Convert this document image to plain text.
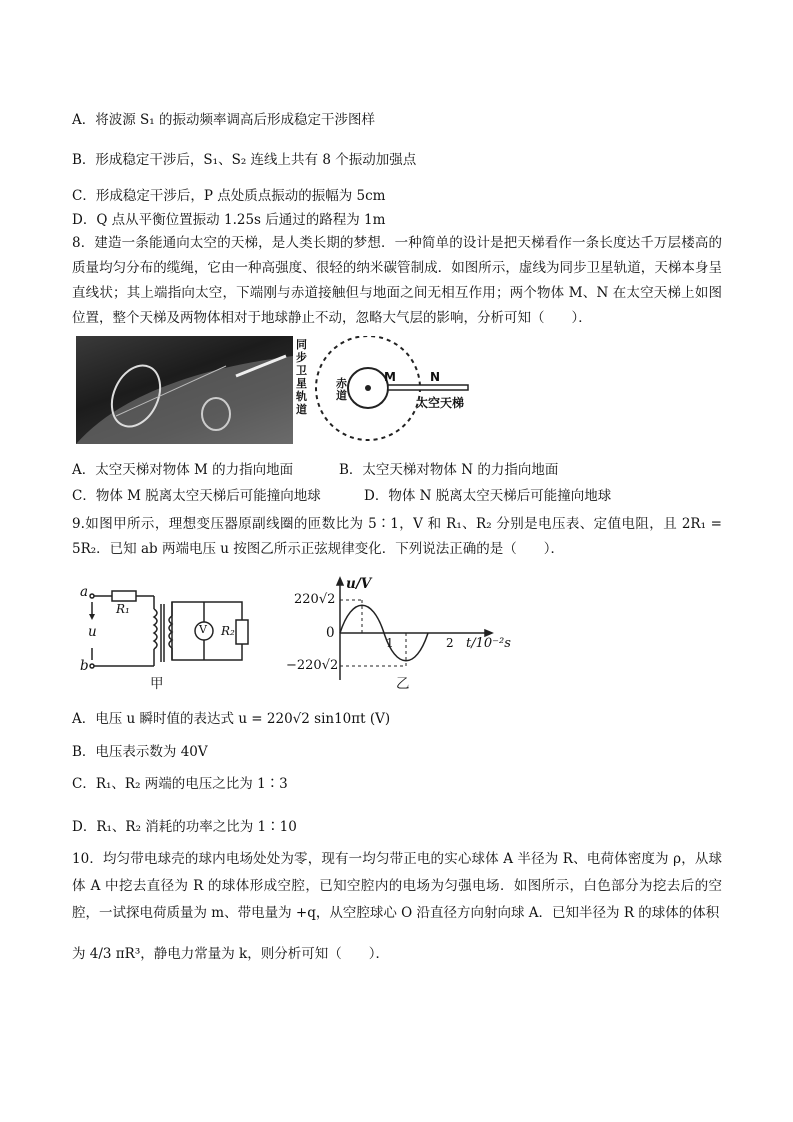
A．将波源 S₁ 的振动频率调高后形成稳定干涉图样
B．形成稳定干涉后，S₁、S₂ 连线上共有 8 个振动加强点
C．形成稳定干涉后，P 点处质点振动的振幅为 5cm
D．Q 点从平衡位置振动 1.25s 后通过的路程为 1m
8．建造一条能通向太空的天梯，是人类长期的梦想．一种简单的设计是把天梯看作一条长度达千万层楼高的质量均匀分布的缆绳，它由一种高强度、很轻的纳米碳管制成．如图所示，虚线为同步卫星轨道，天梯本身呈直线状；其上端指向太空，下端刚与赤道接触但与地面之间无相互作用；两个物体 M、N 在太空天梯上如图位置，整个天梯及两物体相对于地球静止不动，忽略大气层的影响，分析可知（　　）．
同步卫星轨道
赤道
M	N
太空天梯
A．太空天梯对物体 M 的力指向地面	B．太空天梯对物体 N 的力指向地面
C．物体 M 脱离太空天梯后可能撞向地球	D．物体 N 脱离太空天梯后可能撞向地球
9.如图甲所示，理想变压器原副线圈的匝数比为 5∶1，V 和 R₁、R₂ 分别是电压表、定值电阻，且 2R₁ = 5R₂．已知 ab 两端电压 u 按图乙所示正弦规律变化．下列说法正确的是（　　）．
a
b
u
R₁
V R₂
甲
u/V
220√2
0
−220√2
1	2 t/10⁻²s
乙
A．电压 u 瞬时值的表达式 u = 220√2 sin10πt (V)
B．电压表示数为 40V
C．R₁、R₂ 两端的电压之比为 1∶3
D．R₁、R₂ 消耗的功率之比为 1∶10
10．均匀带电球壳的球内电场处处为零，现有一均匀带正电的实心球体 A 半径为 R、电荷体密度为 ρ，从球体 A 中挖去直径为 R 的球体形成空腔，已知空腔内的电场为匀强电场．如图所示，白色部分为挖去后的空腔，一试探电荷质量为 m、带电量为 +q，从空腔球心 O 沿直径方向射向球 A．已知半径为 R 的球体的体积
为 4/3 πR³，静电力常量为 k，则分析可知（　　）．
